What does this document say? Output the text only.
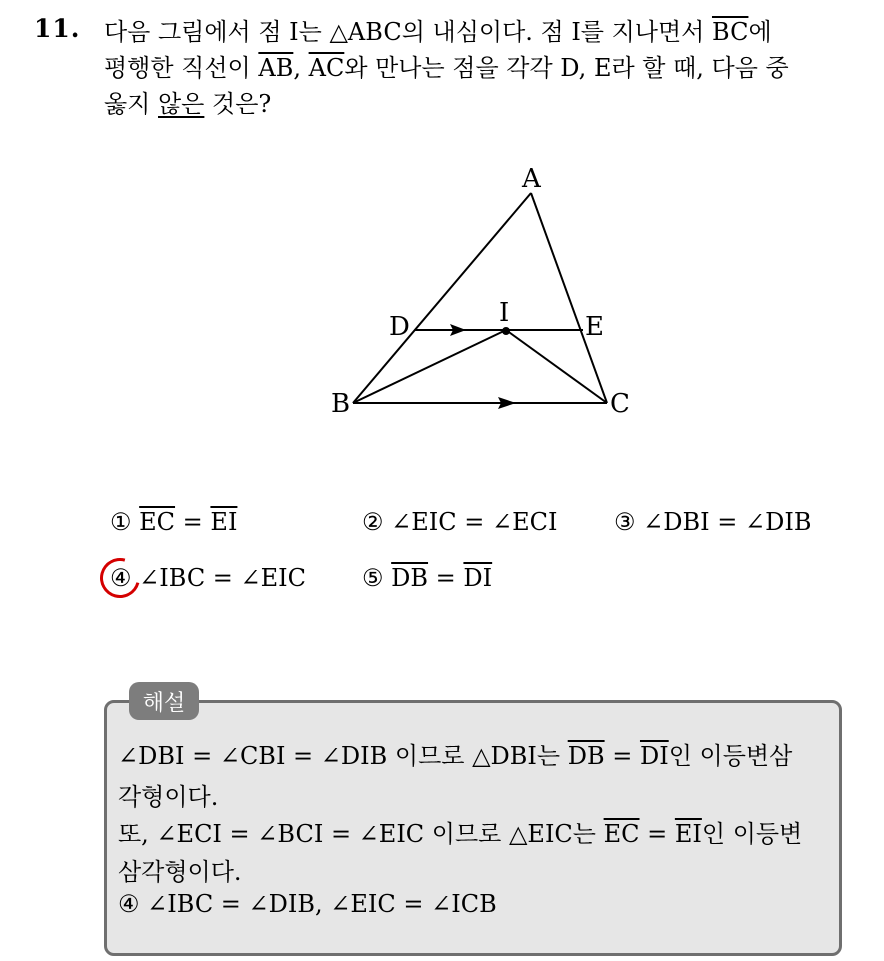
11. 다음 그림에서 점 I는 △ABC의 내심이다. 점 I를 지나면서 $\overline{BC}$에
평행한 직선이 $\overline{AB}$, $\overline{AC}$와 만나는 점을 각각 D, E라 할 때, 다음 중
옳지 않은 것은?
A
B	C
D	E
I
① $\overline{EC} = \overline{EI}$	② ∠EIC = ∠ECI ③ ∠DBI = ∠DIB
④ ∠IBC = ∠EIC ⑤ $\overline{DB} = \overline{DI}$
해설
∠DBI = ∠CBI = ∠DIB 이므로 △DBI는 $\overline{DB} = \overline{DI}$인 이등변삼
각형이다.
또, ∠ECI = ∠BCI = ∠EIC 이므로 △EIC는 $\overline{EC} = \overline{EI}$인 이등변
삼각형이다.
④ ∠IBC = ∠DIB, ∠EIC = ∠ICB
